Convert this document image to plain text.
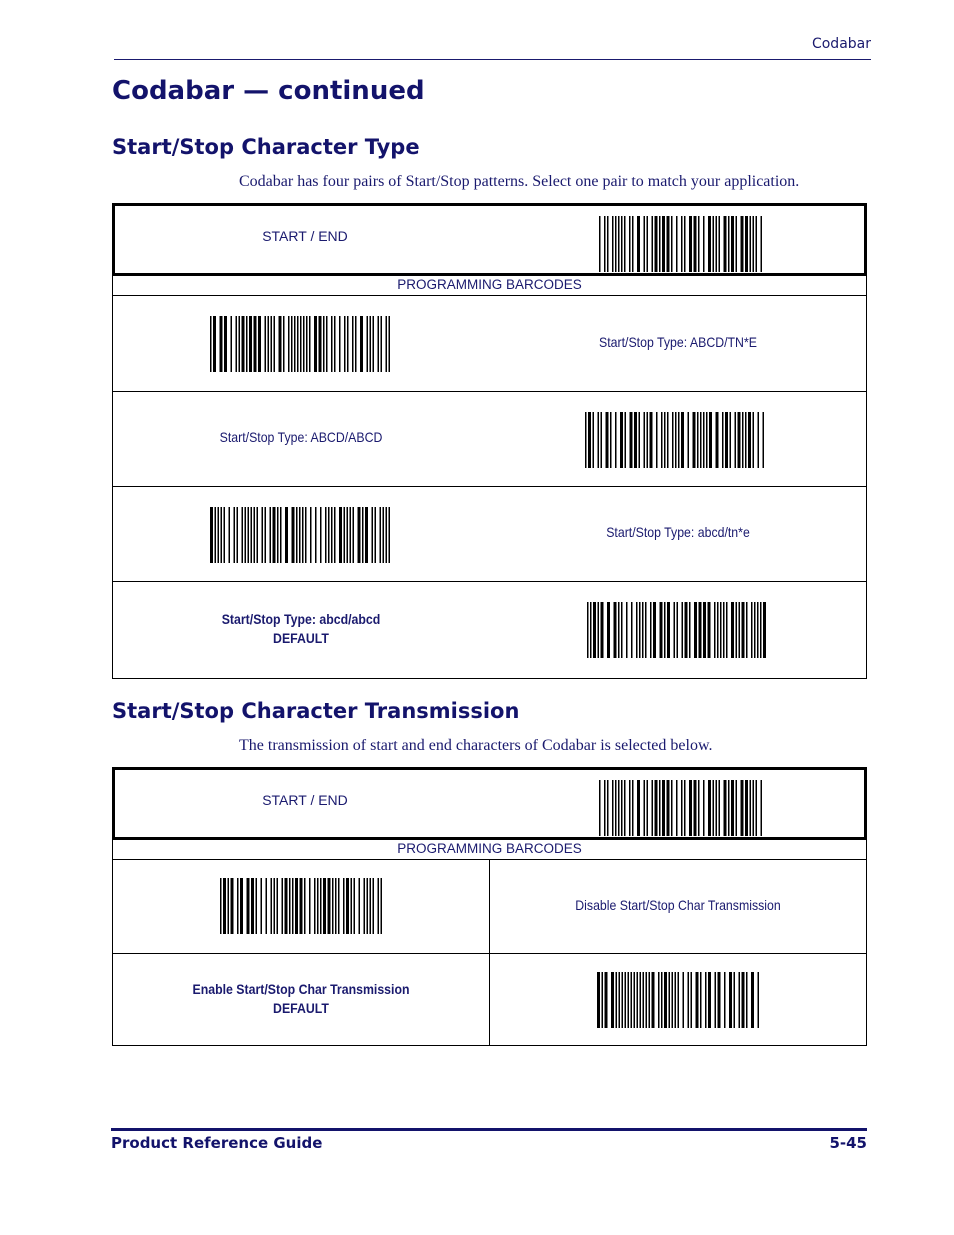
Codabar
Codabar — continued
Start/Stop Character Type
Codabar has four pairs of Start/Stop patterns. Select one pair to match your application.
START / END
PROGRAMMING BARCODES
Start/Stop Type: ABCD/TN*E
Start/Stop Type: ABCD/ABCD
Start/Stop Type: abcd/tn*e
Start/Stop Type: abcd/abcd
DEFAULT
Start/Stop Character Transmission
The transmission of start and end characters of Codabar is selected below.
START / END
PROGRAMMING BARCODES
Disable Start/Stop Char Transmission
Enable Start/Stop Char Transmission
DEFAULT
Product Reference Guide	5-45
